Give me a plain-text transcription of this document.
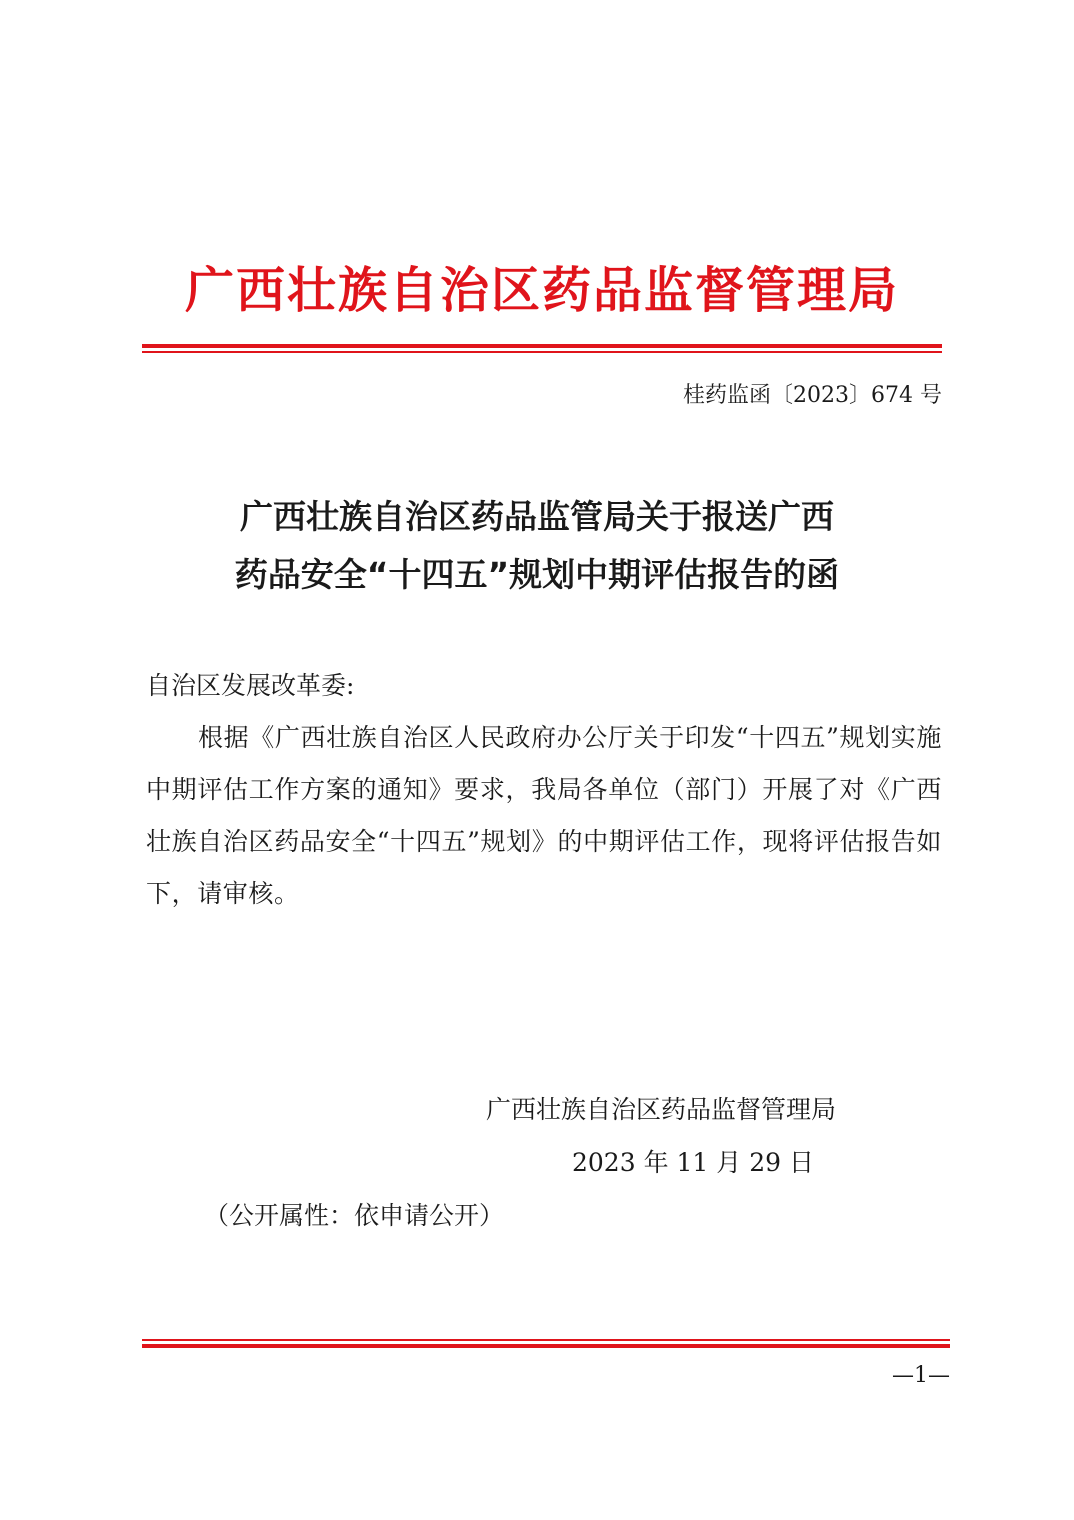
广西壮族自治区药品监督管理局
桂药监函〔2023〕674 号
广西壮族自治区药品监管局关于报送广西
药品安全“十四五”规划中期评估报告的函
自治区发展改革委:

根据《广西壮族自治区人民政府办公厅关于印发“十四五”规划实施中期评估工作方案的通知》要求，我局各单位（部门）开展了对《广西壮族自治区药品安全“十四五”规划》的中期评估工作，现将评估报告如下，请审核。

广西壮族自治区药品监督管理局
2023 年 11 月 29 日
（公开属性：依申请公开）
—1—
